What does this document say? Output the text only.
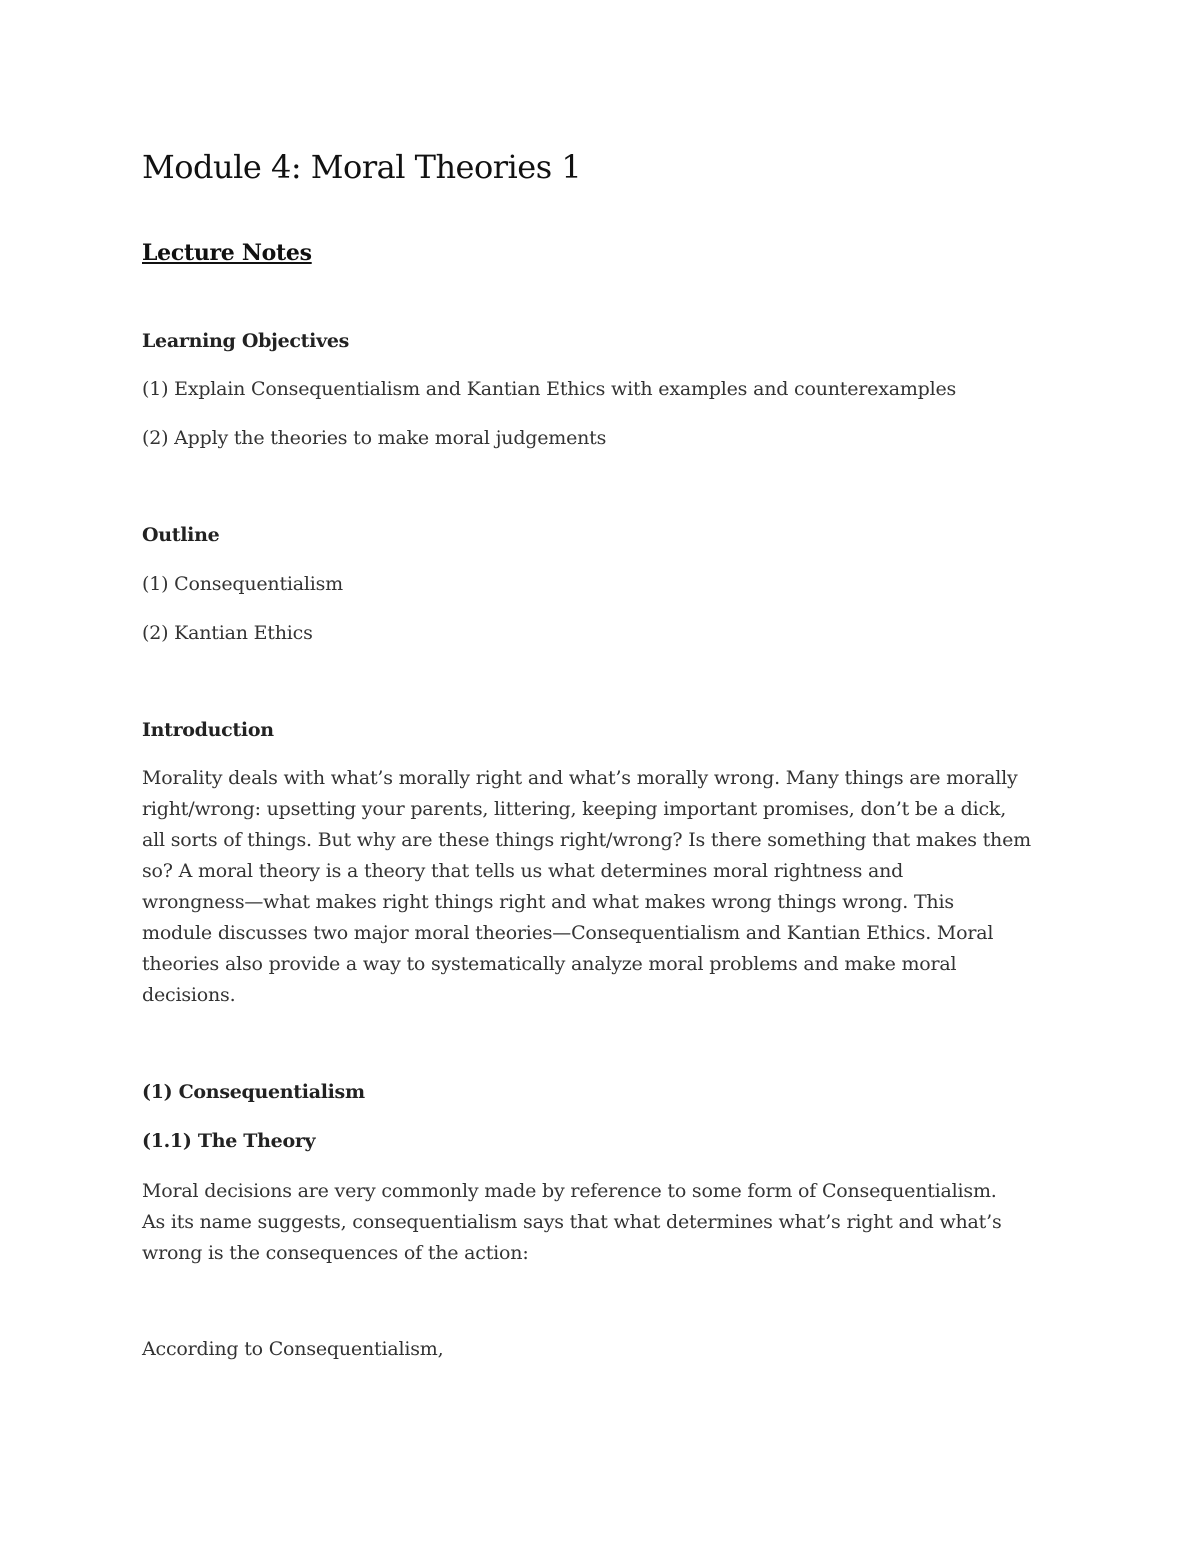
Module 4: Moral Theories 1
Lecture Notes
Learning Objectives
(1) Explain Consequentialism and Kantian Ethics with examples and counterexamples
(2) Apply the theories to make moral judgements
Outline
(1) Consequentialism
(2) Kantian Ethics
Introduction
Morality deals with what’s morally right and what’s morally wrong. Many things are morally
right/wrong: upsetting your parents, littering, keeping important promises, don’t be a dick,
all sorts of things. But why are these things right/wrong? Is there something that makes them
so? A moral theory is a theory that tells us what determines moral rightness and
wrongness—what makes right things right and what makes wrong things wrong. This
module discusses two major moral theories—Consequentialism and Kantian Ethics. Moral
theories also provide a way to systematically analyze moral problems and make moral
decisions.
(1) Consequentialism
(1.1) The Theory
Moral decisions are very commonly made by reference to some form of Consequentialism.
As its name suggests, consequentialism says that what determines what’s right and what’s
wrong is the consequences of the action:
According to Consequentialism,
